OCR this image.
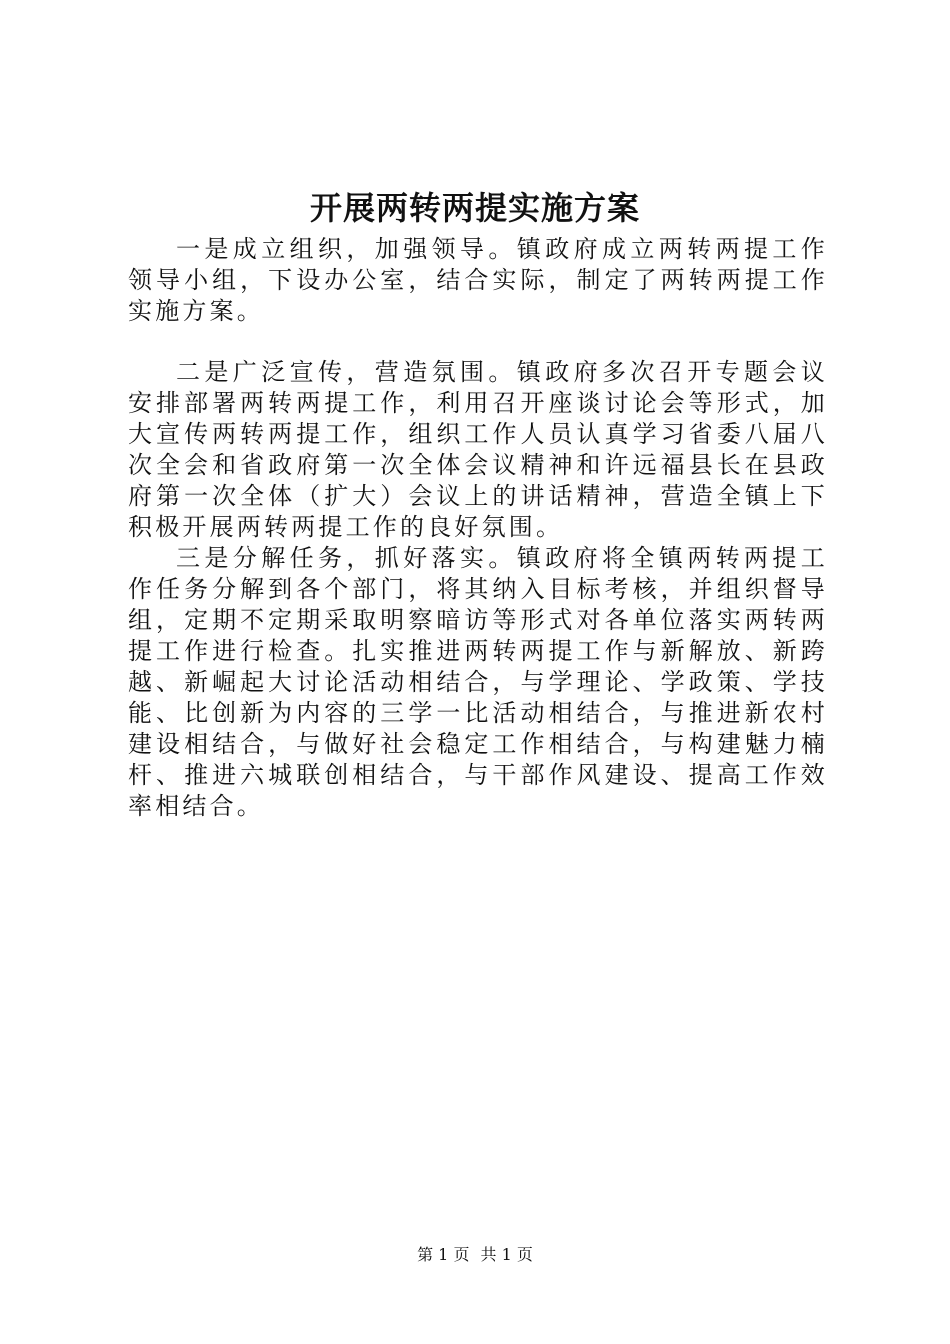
开展两转两提实施方案

一是成立组织，加强领导。镇政府成立两转两提工作领导小组，下设办公室，结合实际，制定了两转两提工作实施方案。

二是广泛宣传，营造氛围。镇政府多次召开专题会议安排部署两转两提工作，利用召开座谈讨论会等形式，加大宣传两转两提工作，组织工作人员认真学习省委八届八次全会和省政府第一次全体会议精神和许远福县长在县政府第一次全体（扩大）会议上的讲话精神，营造全镇上下积极开展两转两提工作的良好氛围。

三是分解任务，抓好落实。镇政府将全镇两转两提工作任务分解到各个部门，将其纳入目标考核，并组织督导组，定期不定期采取明察暗访等形式对各单位落实两转两提工作进行检查。扎实推进两转两提工作与新解放、新跨越、新崛起大讨论活动相结合，与学理论、学政策、学技能、比创新为内容的三学一比活动相结合，与推进新农村建设相结合，与做好社会稳定工作相结合，与构建魅力楠杆、推进六城联创相结合，与干部作风建设、提高工作效率相结合。

第 1 页 共 1 页
